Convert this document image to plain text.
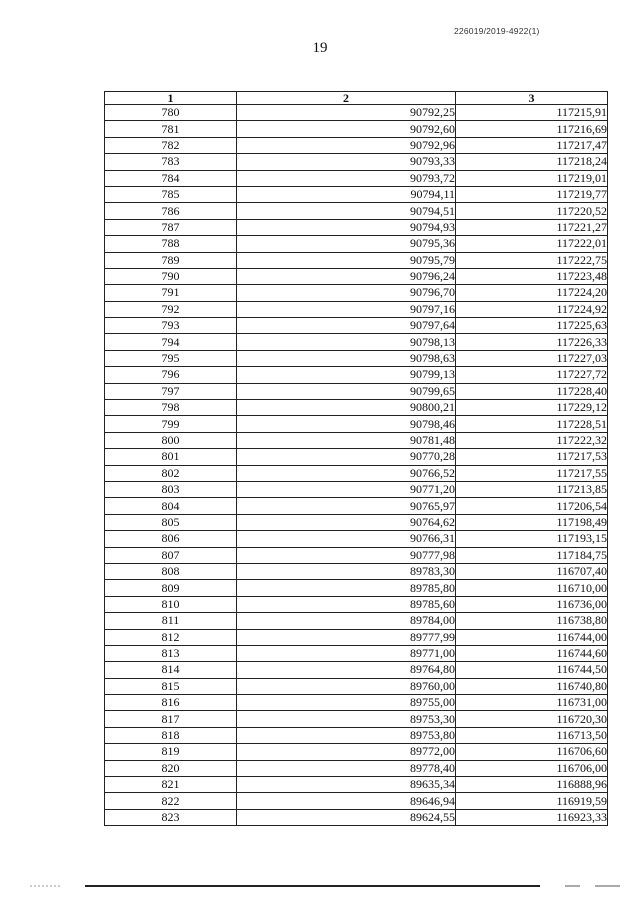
226019/2019-4922(1)
19
1	2	3
780	90792,25	117215,91
781	90792,60	117216,69
782	90792,96	117217,47
783	90793,33	117218,24
784	90793,72	117219,01
785	90794,11	117219,77
786	90794,51	117220,52
787	90794,93	117221,27
788	90795,36	117222,01
789	90795,79	117222,75
790	90796,24	117223,48
791	90796,70	117224,20
792	90797,16	117224,92
793	90797,64	117225,63
794	90798,13	117226,33
795	90798,63	117227,03
796	90799,13	117227,72
797	90799,65	117228,40
798	90800,21	117229,12
799	90798,46	117228,51
800	90781,48	117222,32
801	90770,28	117217,53
802	90766,52	117217,55
803	90771,20	117213,85
804	90765,97	117206,54
805	90764,62	117198,49
806	90766,31	117193,15
807	90777,98	117184,75
808	89783,30	116707,40
809	89785,80	116710,00
810	89785,60	116736,00
811	89784,00	116738,80
812	89777,99	116744,00
813	89771,00	116744,60
814	89764,80	116744,50
815	89760,00	116740,80
816	89755,00	116731,00
817	89753,30	116720,30
818	89753,80	116713,50
819	89772,00	116706,60
820	89778,40	116706,00
821	89635,34	116888,96
822	89646,94	116919,59
823	89624,55	116923,33
